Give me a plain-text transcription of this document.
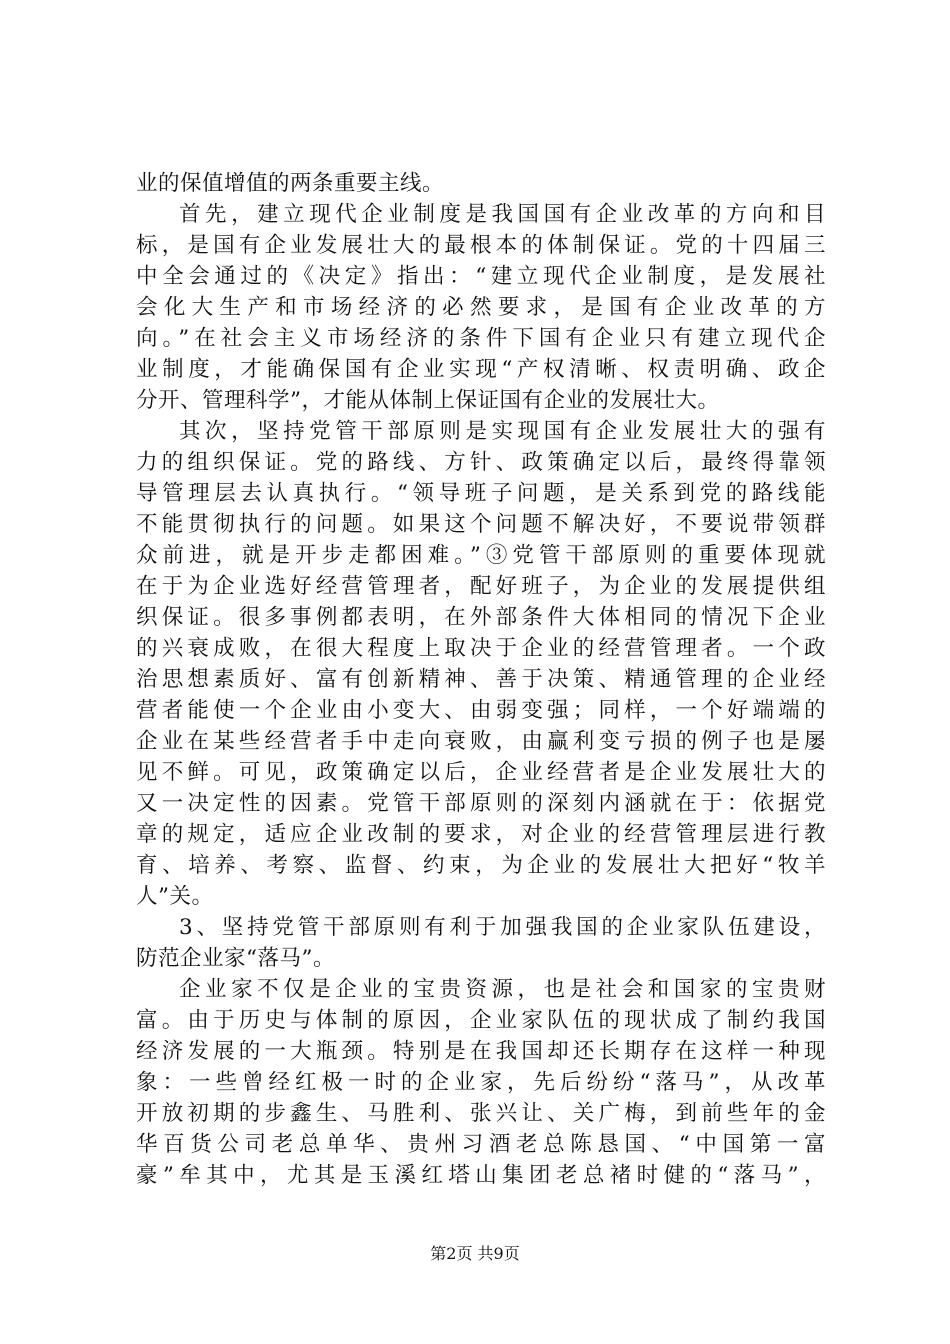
业的保值增值的两条重要主线。
首先，建立现代企业制度是我国国有企业改革的方向和目
标，是国有企业发展壮大的最根本的体制保证。党的十四届三
中全会通过的《决定》指出：“建立现代企业制度，是发展社
会化大生产和市场经济的必然要求，是国有企业改革的方
向。”在社会主义市场经济的条件下国有企业只有建立现代企
业制度，才能确保国有企业实现“产权清晰、权责明确、政企
分开、管理科学”，才能从体制上保证国有企业的发展壮大。
其次，坚持党管干部原则是实现国有企业发展壮大的强有
力的组织保证。党的路线、方针、政策确定以后，最终得靠领
导管理层去认真执行。“领导班子问题，是关系到党的路线能
不能贯彻执行的问题。如果这个问题不解决好，不要说带领群
众前进，就是开步走都困难。”③党管干部原则的重要体现就
在于为企业选好经营管理者，配好班子，为企业的发展提供组
织保证。很多事例都表明，在外部条件大体相同的情况下企业
的兴衰成败，在很大程度上取决于企业的经营管理者。一个政
治思想素质好、富有创新精神、善于决策、精通管理的企业经
营者能使一个企业由小变大、由弱变强；同样，一个好端端的
企业在某些经营者手中走向衰败，由赢利变亏损的例子也是屡
见不鲜。可见，政策确定以后，企业经营者是企业发展壮大的
又一决定性的因素。党管干部原则的深刻内涵就在于：依据党
章的规定，适应企业改制的要求，对企业的经营管理层进行教
育、培养、考察、监督、约束，为企业的发展壮大把好“牧羊
人”关。
3、坚持党管干部原则有利于加强我国的企业家队伍建设，
防范企业家“落马”。
企业家不仅是企业的宝贵资源，也是社会和国家的宝贵财
富。由于历史与体制的原因，企业家队伍的现状成了制约我国
经济发展的一大瓶颈。特别是在我国却还长期存在这样一种现
象：一些曾经红极一时的企业家，先后纷纷“落马”，从改革
开放初期的步鑫生、马胜利、张兴让、关广梅，到前些年的金
华百货公司老总单华、贵州习酒老总陈恳国、“中国第一富
豪”牟其中，尤其是玉溪红塔山集团老总褚时健的“落马”，
第2页 共9页
